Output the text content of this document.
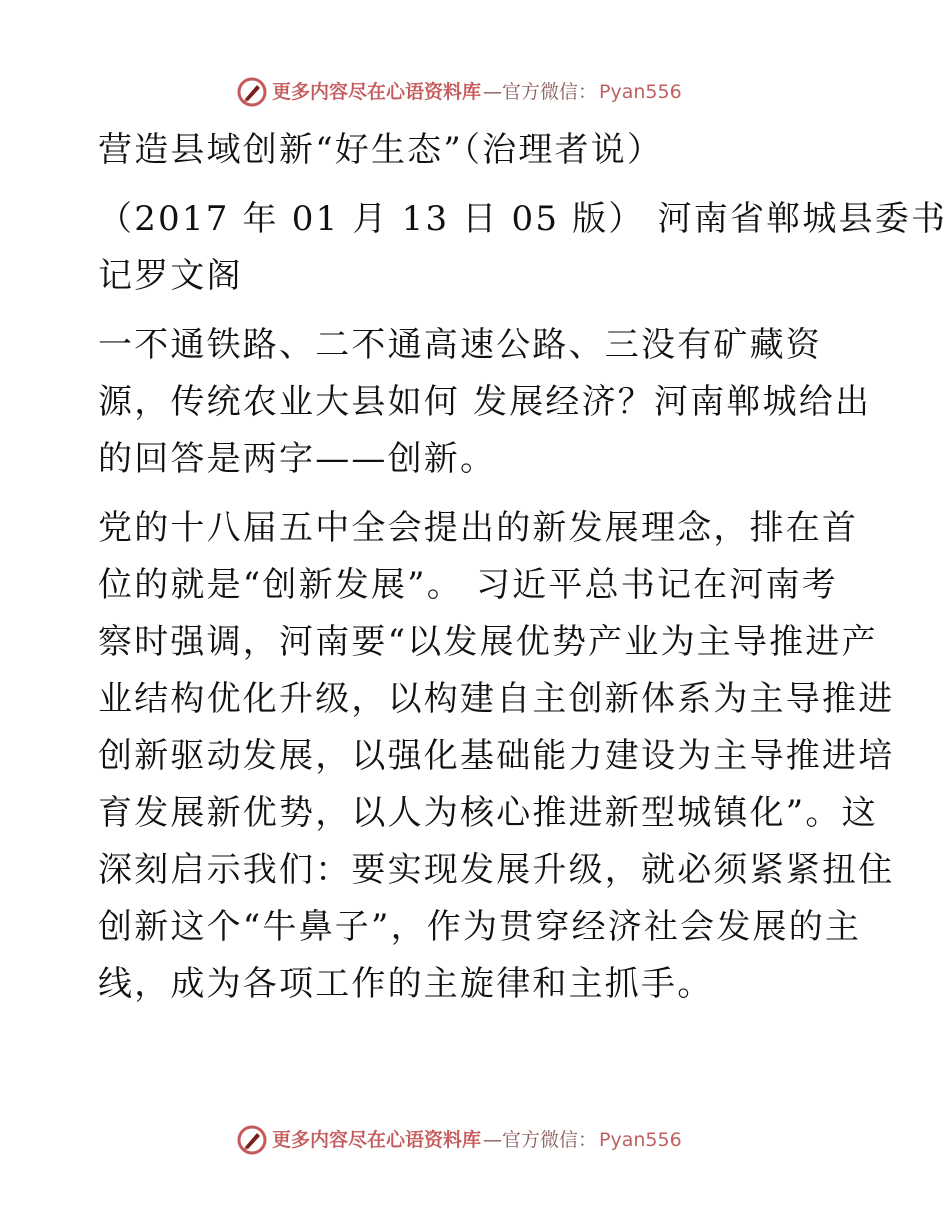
更多内容尽在心语资料库 —官方微信： Pyan556
营造县域创新“好生态”（治理者说）
（2017 年 01 月 13 日 05 版） 河南省郸城县委书
记罗文阁
一不通铁路、二不通高速公路、三没有矿藏资
源，传统农业大县如何 发展经济？河南郸城给出
的回答是两字——创新。
党的十八届五中全会提出的新发展理念，排在首
位的就是“创新发展”。 习近平总书记在河南考
察时强调，河南要“以发展优势产业为主导推进产
业结构优化升级，以构建自主创新体系为主导推进
创新驱动发展，以强化基础能力建设为主导推进培
育发展新优势，以人为核心推进新型城镇化”。这
深刻启示我们：要实现发展升级，就必须紧紧扭住
创新这个“牛鼻子”，作为贯穿经济社会发展的主
线，成为各项工作的主旋律和主抓手。
更多内容尽在心语资料库 —官方微信： Pyan556
